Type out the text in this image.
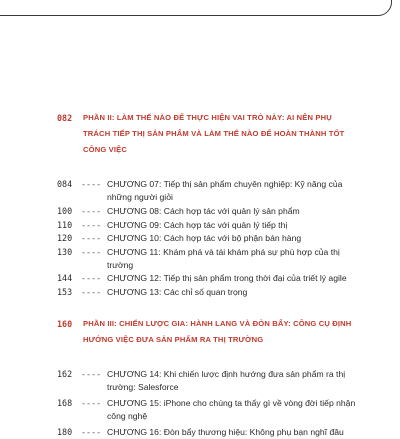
082	PHẦN II: LÀM THẾ NÀO ĐỂ THỰC HIỆN VAI TRÒ NÀY: AI NÊN PHỤ TRÁCH TIẾP THỊ SẢN PHẨM VÀ LÀM THẾ NÀO ĐỂ HOÀN THÀNH TỐT CÔNG VIỆC
084	---- CHƯƠNG 07: Tiếp thị sản phẩm chuyên nghiệp: Kỹ năng của những người giỏi
100	---- CHƯƠNG 08: Cách hợp tác với quản lý sản phẩm
110	---- CHƯƠNG 09: Cách hợp tác với quản lý tiếp thị
120	---- CHƯƠNG 10: Cách hợp tác với bộ phận bán hàng
130	---- CHƯƠNG 11: Khám phá và tái khám phá sự phù hợp của thị trường
144	---- CHƯƠNG 12: Tiếp thị sản phẩm trong thời đại của triết lý agile
153	---- CHƯƠNG 13: Các chỉ số quan trọng
160	PHẦN III: CHIẾN LƯỢC GIA: HÀNH LANG VÀ ĐÒN BẨY: CÔNG CỤ ĐỊNH HƯỚNG VIỆC ĐƯA SẢN PHẨM RA THỊ TRƯỜNG
162	---- CHƯƠNG 14: Khi chiến lược định hướng đưa sản phẩm ra thị trường: Salesforce
168	---- CHƯƠNG 15: iPhone cho chúng ta thấy gì về vòng đời tiếp nhận công nghệ
180	---- CHƯƠNG 16: Đòn bẩy thương hiệu: Không phụ bạn nghĩ đâu
